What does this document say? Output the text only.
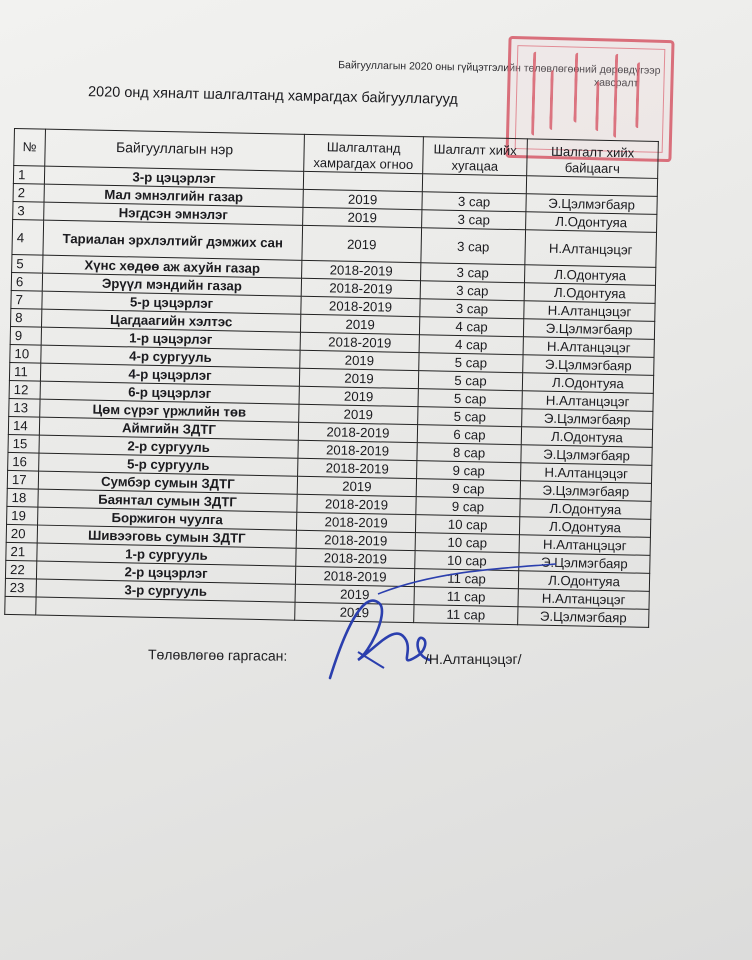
Байгууллагын 2020 оны гүйцэтгэлийн төлөвлөгөөний дөрөвдүгээр
хавсралт
2020 онд хяналт шалгалтанд хамрагдах байгууллагууд
№	Байгууллагын нэр	Шалгалтанд хамрагдах огноо	Шалгалт хийх хугацаа	Шалгалт хийх байцаагч
1	3-р цэцэрлэг			
2	Мал эмнэлгийн газар	2019	3 сар	Э.Цэлмэгбаяр
3	Нэгдсэн эмнэлэг	2019	3 сар	Л.Одонтуяа
4	Тариалан эрхлэлтийг дэмжих сан	2019	3 сар	Н.Алтанцэцэг
5	Хүнс хөдөө аж ахуйн газар	2018-2019	3 сар	Л.Одонтуяа
6	Эрүүл мэндийн газар	2018-2019	3 сар	Л.Одонтуяа
7	5-р цэцэрлэг	2018-2019	3 сар	Н.Алтанцэцэг
8	Цагдаагийн хэлтэс	2019	4 сар	Э.Цэлмэгбаяр
9	1-р цэцэрлэг	2018-2019	4 сар	Н.Алтанцэцэг
10	4-р сургууль	2019	5 сар	Э.Цэлмэгбаяр
11	4-р цэцэрлэг	2019	5 сар	Л.Одонтуяа
12	6-р цэцэрлэг	2019	5 сар	Н.Алтанцэцэг
13	Цөм сүрэг үржлийн төв	2019	5 сар	Э.Цэлмэгбаяр
14	Аймгийн ЗДТГ	2018-2019	6 сар	Л.Одонтуяа
15	2-р сургууль	2018-2019	8 сар	Э.Цэлмэгбаяр
16	5-р сургууль	2018-2019	9 сар	Н.Алтанцэцэг
17	Сумбэр сумын ЗДТГ	2019	9 сар	Э.Цэлмэгбаяр
18	Баянтал сумын ЗДТГ	2018-2019	9 сар	Л.Одонтуяа
19	Боржигон чуулга	2018-2019	10 сар	Л.Одонтуяа
20	Шивээговь сумын ЗДТГ	2018-2019	10 сар	Н.Алтанцэцэг
21	1-р сургууль	2018-2019	10 сар	Э.Цэлмэгбаяр
22	2-р цэцэрлэг	2018-2019	11 сар	Л.Одонтуяа
23	3-р сургууль	2019	11 сар	Н.Алтанцэцэг
		2019	11 сар	Э.Цэлмэгбаяр
Төлөвлөгөө гаргасан:	/Н.Алтанцэцэг/
